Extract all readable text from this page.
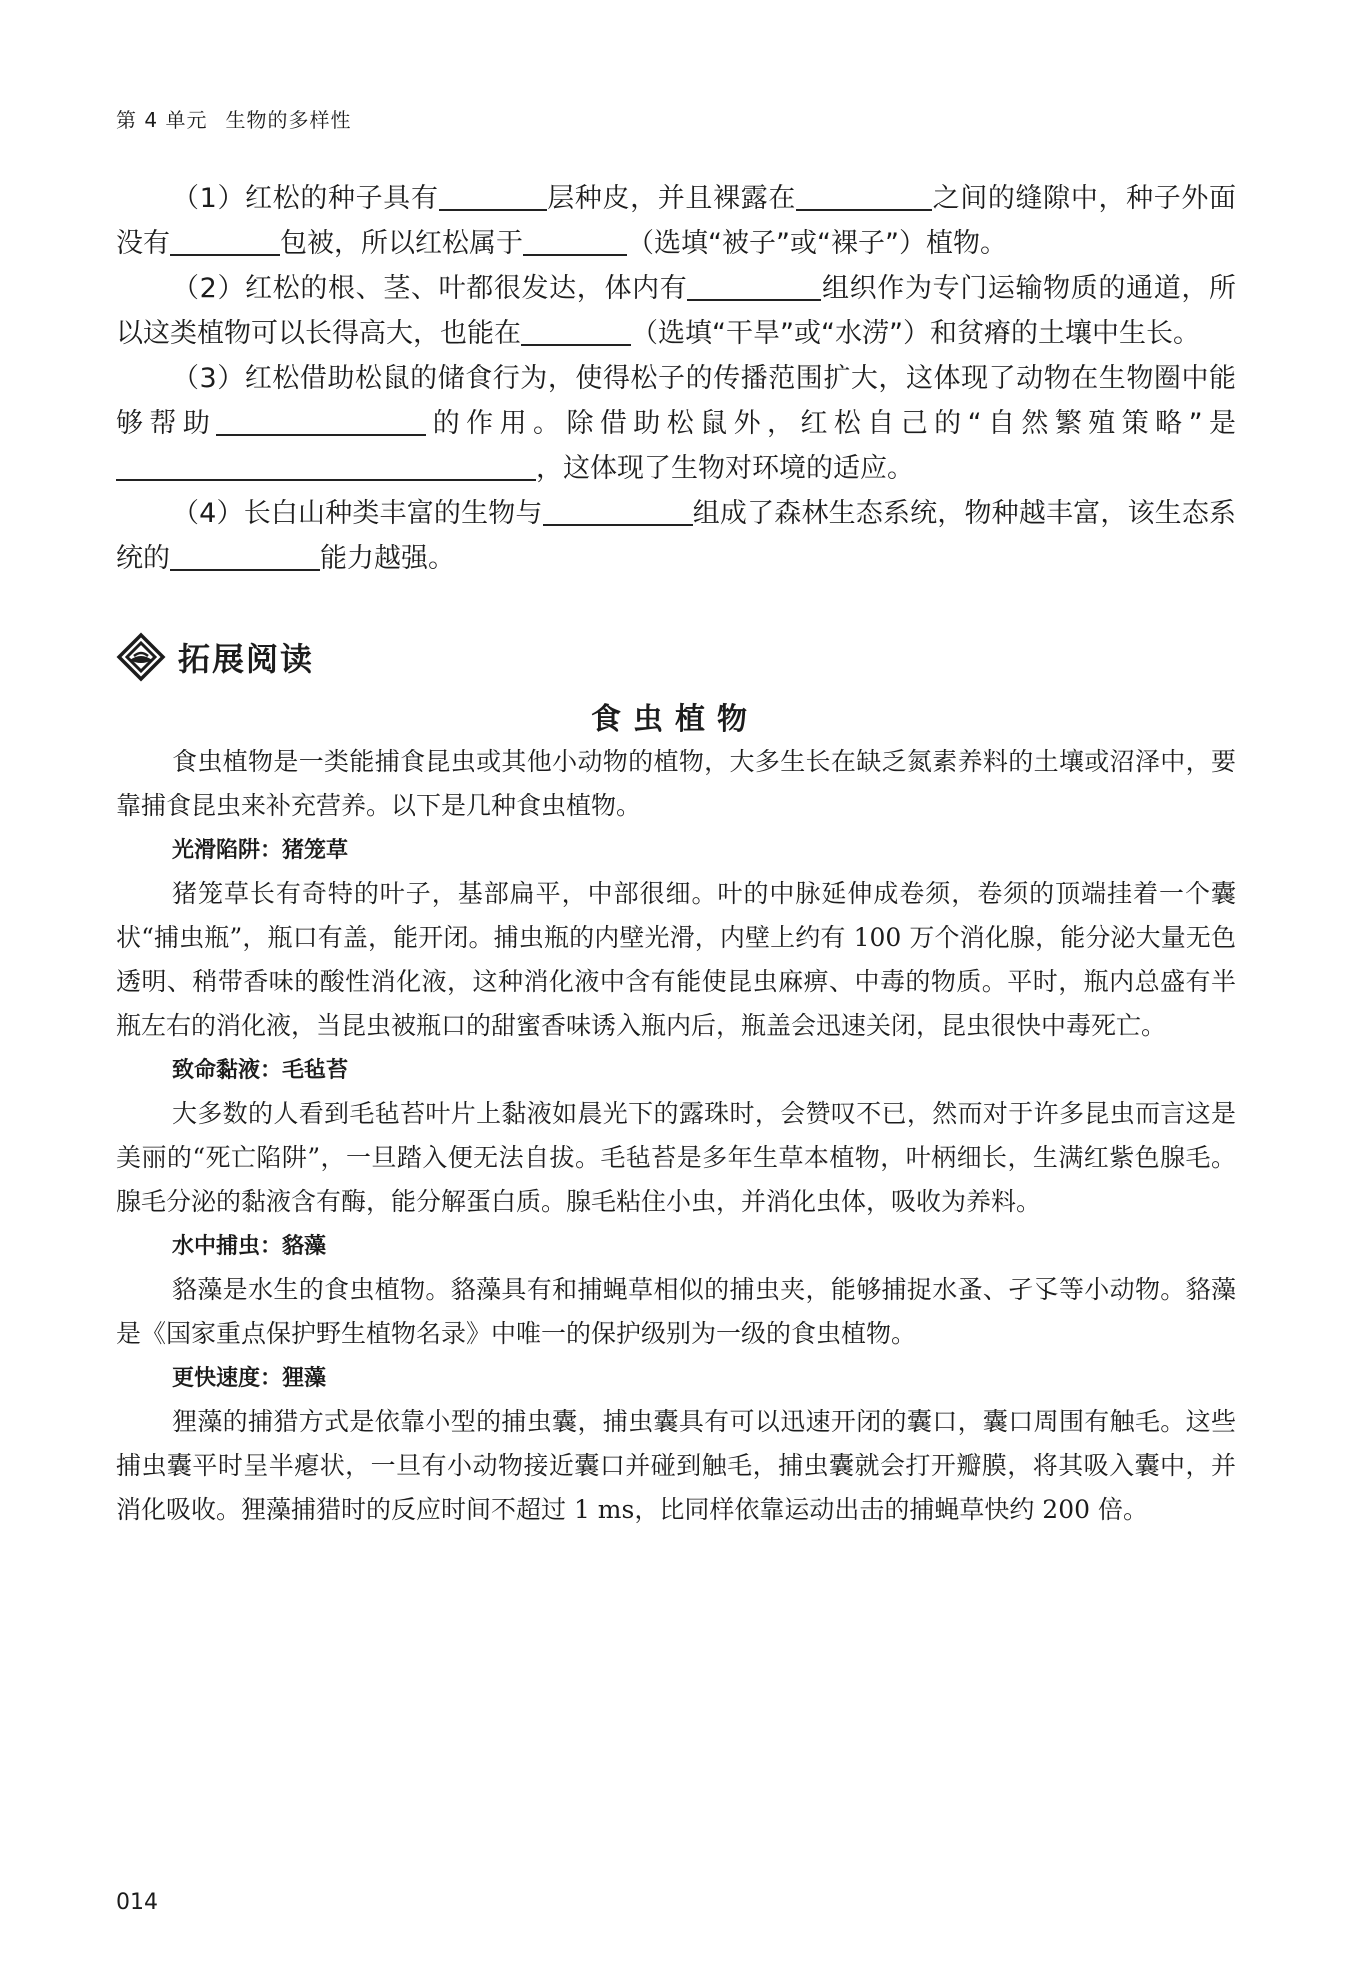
第 4 单元 生物的多样性

（1）红松的种子具有	层种皮，并且裸露在	之间的缝隙中，种子外面没有	包被，所以红松属于	（选填“被子”或“裸子”）植物。

（2）红松的根、茎、叶都很发达，体内有	组织作为专门运输物质的通道，所以这类植物可以长得高大，也能在	（选填“干旱”或“水涝”）和贫瘠的土壤中生长。

（3）红松借助松鼠的储食行为，使得松子的传播范围扩大，这体现了动物在生物圈中能够帮助	的作用。除借助松鼠外，红松自己的“自然繁殖策略”是，这体现了生物对环境的适应。

（4）长白山种类丰富的生物与	组成了森林生态系统，物种越丰富，该生态系统的	能力越强。

拓展阅读
食虫植物

食虫植物是一类能捕食昆虫或其他小动物的植物，大多生长在缺乏氮素养料的土壤或沼泽中，要靠捕食昆虫来补充营养。以下是几种食虫植物。

光滑陷阱：猪笼草

猪笼草长有奇特的叶子，基部扁平，中部很细。叶的中脉延伸成卷须，卷须的顶端挂着一个囊状“捕虫瓶”，瓶口有盖，能开闭。捕虫瓶的内壁光滑，内壁上约有 100 万个消化腺，能分泌大量无色透明、稍带香味的酸性消化液，这种消化液中含有能使昆虫麻痹、中毒的物质。平时，瓶内总盛有半瓶左右的消化液，当昆虫被瓶口的甜蜜香味诱入瓶内后，瓶盖会迅速关闭，昆虫很快中毒死亡。

致命黏液：毛毡苔

大多数的人看到毛毡苔叶片上黏液如晨光下的露珠时，会赞叹不已，然而对于许多昆虫而言这是美丽的“死亡陷阱”，一旦踏入便无法自拔。毛毡苔是多年生草本植物，叶柄细长，生满红紫色腺毛。腺毛分泌的黏液含有酶，能分解蛋白质。腺毛粘住小虫，并消化虫体，吸收为养料。

水中捕虫：貉藻

貉藻是水生的食虫植物。貉藻具有和捕蝇草相似的捕虫夹，能够捕捉水蚤、孑孓等小动物。貉藻是《国家重点保护野生植物名录》中唯一的保护级别为一级的食虫植物。

更快速度：狸藻

狸藻的捕猎方式是依靠小型的捕虫囊，捕虫囊具有可以迅速开闭的囊口，囊口周围有触毛。这些捕虫囊平时呈半瘪状，一旦有小动物接近囊口并碰到触毛，捕虫囊就会打开瓣膜，将其吸入囊中，并消化吸收。狸藻捕猎时的反应时间不超过 1 ms，比同样依靠运动出击的捕蝇草快约 200 倍。

014
